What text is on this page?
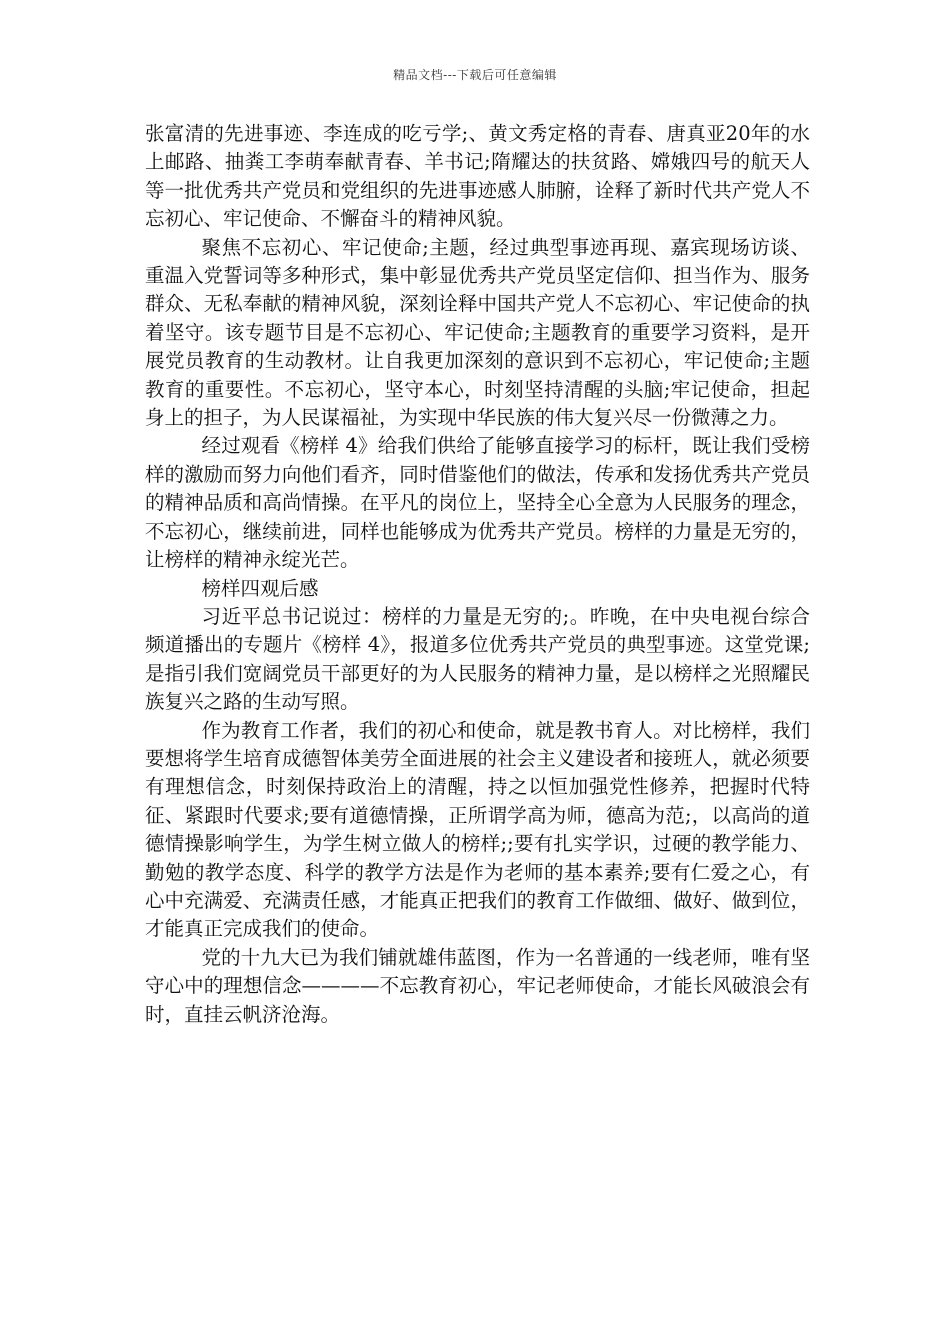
精品文档---下载后可任意编辑

张富清的先进事迹、李连成的吃亏学;、黄文秀定格的青春、唐真亚20年的水上邮路、抽粪工李萌奉献青春、羊书记;隋耀达的扶贫路、嫦娥四号的航天人等一批优秀共产党员和党组织的先进事迹感人肺腑，诠释了新时代共产党人不忘初心、牢记使命、不懈奋斗的精神风貌。

聚焦不忘初心、牢记使命;主题，经过典型事迹再现、嘉宾现场访谈、重温入党誓词等多种形式，集中彰显优秀共产党员坚定信仰、担当作为、服务群众、无私奉献的精神风貌，深刻诠释中国共产党人不忘初心、牢记使命的执着坚守。该专题节目是不忘初心、牢记使命;主题教育的重要学习资料，是开展党员教育的生动教材。让自我更加深刻的意识到不忘初心，牢记使命;主题教育的重要性。不忘初心，坚守本心，时刻坚持清醒的头脑;牢记使命，担起身上的担子，为人民谋福祉，为实现中华民族的伟大复兴尽一份微薄之力。

经过观看《榜样 4》给我们供给了能够直接学习的标杆，既让我们受榜样的激励而努力向他们看齐，同时借鉴他们的做法，传承和发扬优秀共产党员的精神品质和高尚情操。在平凡的岗位上，坚持全心全意为人民服务的理念，不忘初心，继续前进，同样也能够成为优秀共产党员。榜样的力量是无穷的，让榜样的精神永绽光芒。

榜样四观后感

习近平总书记说过：榜样的力量是无穷的;。昨晚，在中央电视台综合频道播出的专题片《榜样 4》，报道多位优秀共产党员的典型事迹。这堂党课;是指引我们宽阔党员干部更好的为人民服务的精神力量，是以榜样之光照耀民族复兴之路的生动写照。

作为教育工作者，我们的初心和使命，就是教书育人。对比榜样，我们要想将学生培育成德智体美劳全面进展的社会主义建设者和接班人，就必须要有理想信念，时刻保持政治上的清醒，持之以恒加强党性修养，把握时代特征、紧跟时代要求;要有道德情操，正所谓学高为师，德高为范;，以高尚的道德情操影响学生，为学生树立做人的榜样;;要有扎实学识，过硬的教学能力、勤勉的教学态度、科学的教学方法是作为老师的基本素养;要有仁爱之心，有心中充满爱、充满责任感，才能真正把我们的教育工作做细、做好、做到位，才能真正完成我们的使命。

党的十九大已为我们铺就雄伟蓝图，作为一名普通的一线老师，唯有坚守心中的理想信念————不忘教育初心，牢记老师使命，才能长风破浪会有时，直挂云帆济沧海。
